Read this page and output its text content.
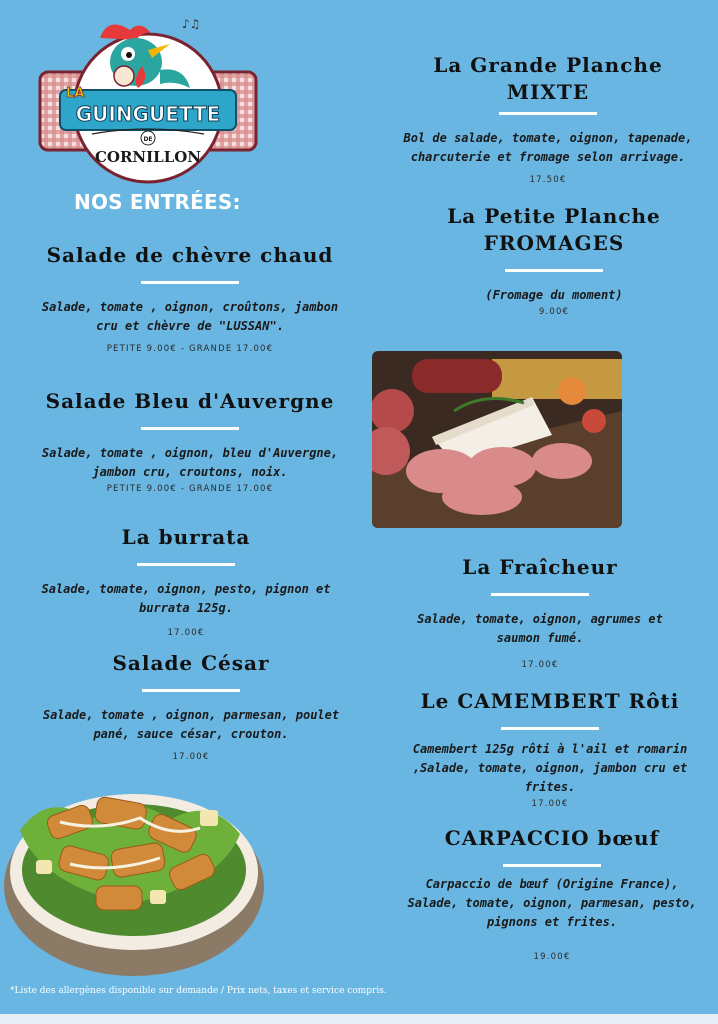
♪♫
LA
GUINGUETTE
DE
CORNILLON
NOS ENTRÉES:
Salade de chèvre chaud
Salade, tomate , oignon, croûtons, jambon
cru et chèvre de "LUSSAN".
PETITE 9.00€ - GRANDE 17.00€
Salade Bleu d'Auvergne
Salade, tomate , oignon, bleu d'Auvergne,
jambon cru, croutons, noix.
PETITE 9.00€ - GRANDE 17.00€
La burrata
Salade, tomate, oignon, pesto, pignon et
burrata 125g.
17.00€
Salade César
Salade, tomate , oignon, parmesan, poulet
pané, sauce césar, crouton.
17.00€
La Grande Planche
MIXTE
Bol de salade, tomate, oignon, tapenade,
charcuterie et fromage selon arrivage.
17.50€
La Petite Planche
FROMAGES
(Fromage du moment)
9.00€
La Fraîcheur
Salade, tomate, oignon, agrumes et
saumon fumé.
17.00€
Le CAMEMBERT Rôti
Camembert 125g rôti à l'ail et romarin
,Salade, tomate, oignon, jambon cru et
frites.
17.00€
CARPACCIO bœuf
Carpaccio de bœuf (Origine France),
Salade, tomate, oignon, parmesan, pesto,
pignons et frites.
19.00€
*Liste des allergènes disponible sur demande / Prix nets, taxes et service compris.
